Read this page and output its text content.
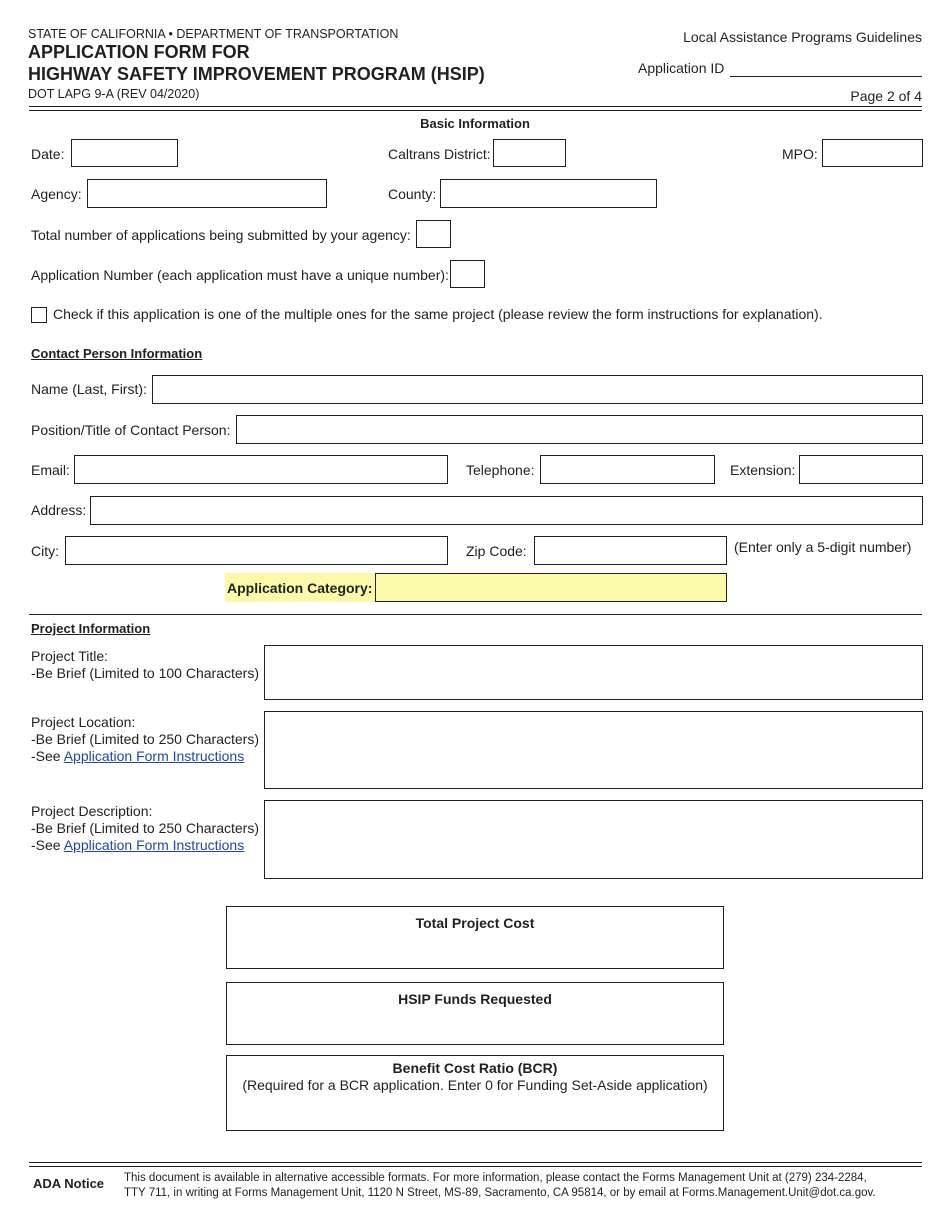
STATE OF CALIFORNIA • DEPARTMENT OF TRANSPORTATION
APPLICATION FORM FOR
HIGHWAY SAFETY IMPROVEMENT PROGRAM (HSIP)
DOT LAPG 9-A (REV 04/2020)
Local Assistance Programs Guidelines
Application ID
Page 2 of 4
Basic Information
Date:	Caltrans District:	MPO:
Agency:	County:
Total number of applications being submitted by your agency:
Application Number (each application must have a unique number):
Check if this application is one of the multiple ones for the same project (please review the form instructions for explanation).
Contact Person Information
Name (Last, First):
Position/Title of Contact Person:
Email:	Telephone:	Extension:
Address:
City:	Zip Code:	(Enter only a 5-digit number)
Application Category:
Project Information
Project Title:
-Be Brief (Limited to 100 Characters)
Project Location:
-Be Brief (Limited to 250 Characters)
-See Application Form Instructions
Project Description:
-Be Brief (Limited to 250 Characters)
-See Application Form Instructions
Total Project Cost
HSIP Funds Requested
Benefit Cost Ratio (BCR)
(Required for a BCR application. Enter 0 for Funding Set-Aside application)
ADA Notice This document is available in alternative accessible formats. For more information, please contact the Forms Management Unit at (279) 234-2284,
TTY 711, in writing at Forms Management Unit, 1120 N Street, MS-89, Sacramento, CA 95814, or by email at Forms.Management.Unit@dot.ca.gov.
